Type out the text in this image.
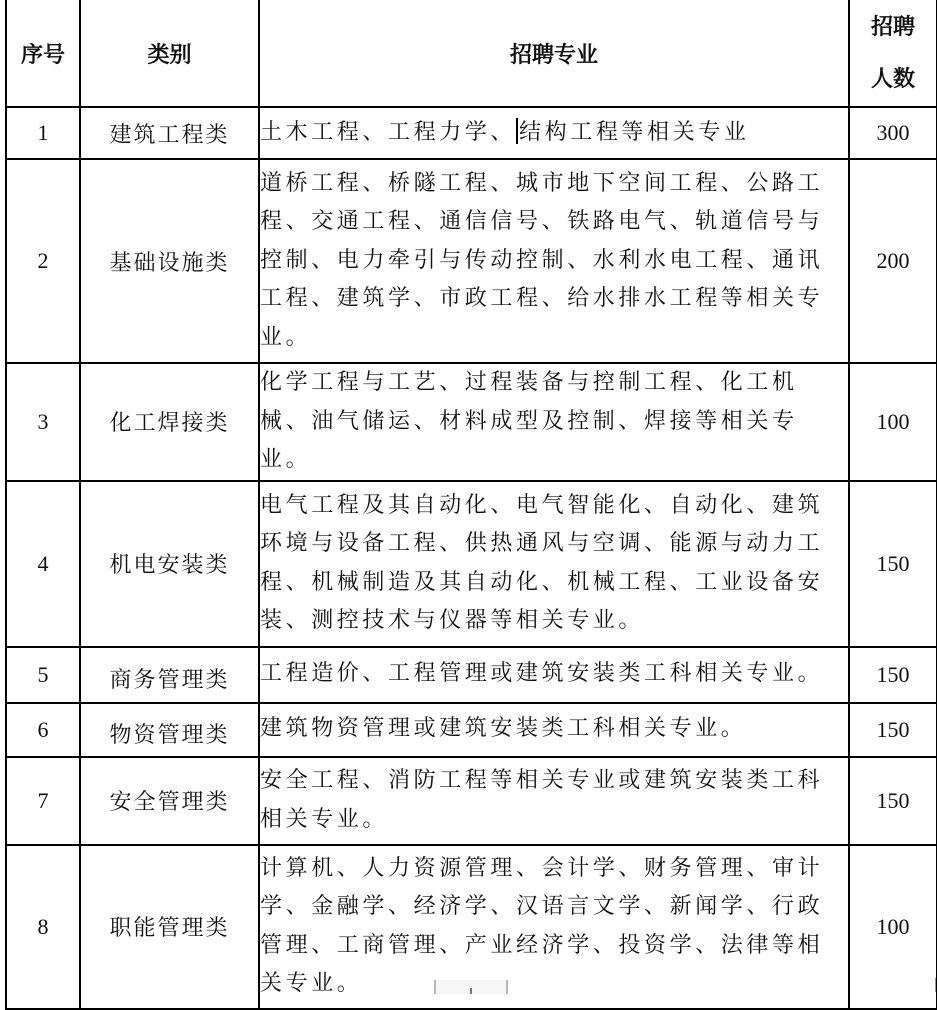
序号	类别	招聘专业	招聘
人数

1	建筑工程类	土木工程、工程力学、 结构工程等相关专业	300
2	基础设施类	道桥工程、桥隧工程、城市地下空间工程、公路工程、交通工程、通信信号、铁路电气、轨道信号与控制、电力牵引与传动控制、水利水电工程、通讯工程、建筑学、市政工程、给水排水工程等相关专业。	200
3	化工焊接类	化学工程与工艺、过程装备与控制工程、化工机械、油气储运、材料成型及控制、焊接等相关专业。	100
4	机电安装类	电气工程及其自动化、电气智能化、自动化、建筑环境与设备工程、供热通风与空调、能源与动力工程、机械制造及其自动化、机械工程、工业设备安装、测控技术与仪器等相关专业。	150
5	商务管理类	工程造价、工程管理或建筑安装类工科相关专业。	150
6	物资管理类	建筑物资管理或建筑安装类工科相关专业。	150
7	安全管理类	安全工程、消防工程等相关专业或建筑安装类工科相关专业。	150
8	职能管理类	计算机、人力资源管理、会计学、财务管理、审计学、金融学、经济学、汉语言文学、新闻学、行政管理、工商管理、产业经济学、投资学、法律等相关专业。	100
